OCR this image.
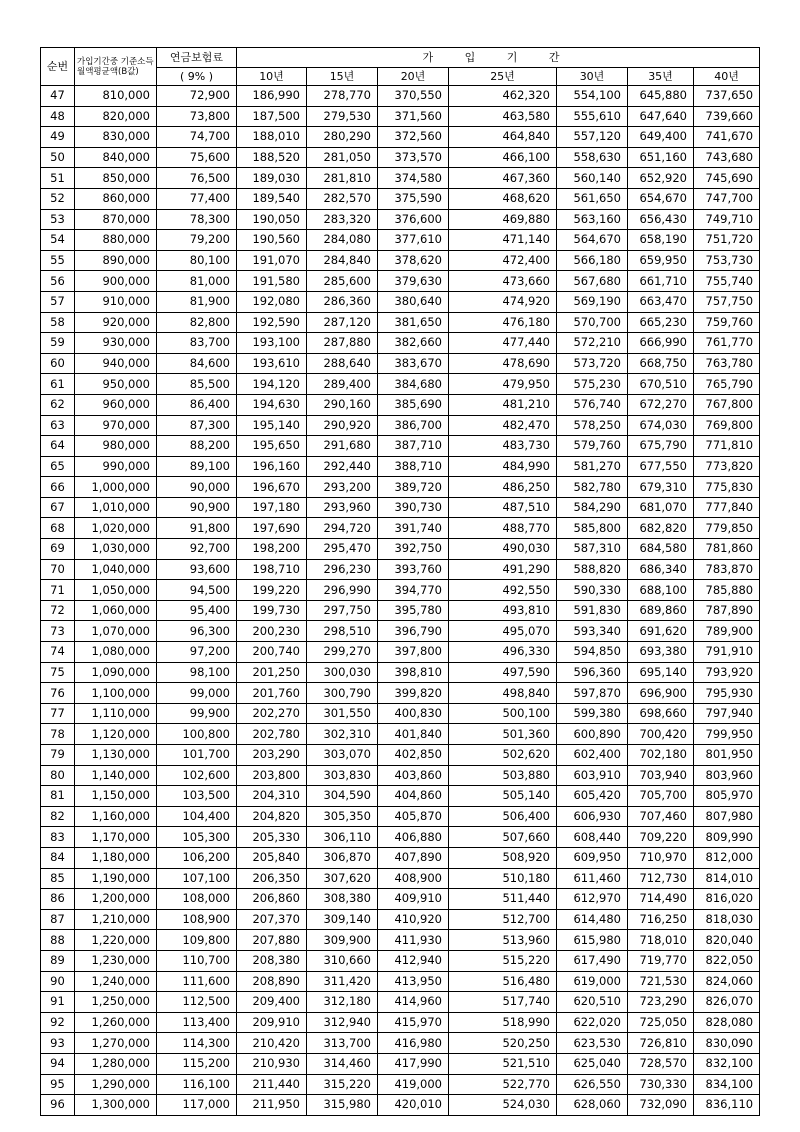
순번	가입기간중 기준소득월액평균액(B값)	연금보험료	가 입 기 간						
		( 9% )	10년	15년	20년	25년	30년	35년	40년
47	810,000	72,900	186,990	278,770	370,550	462,320	554,100	645,880	737,650
48	820,000	73,800	187,500	279,530	371,560	463,580	555,610	647,640	739,660
49	830,000	74,700	188,010	280,290	372,560	464,840	557,120	649,400	741,670
50	840,000	75,600	188,520	281,050	373,570	466,100	558,630	651,160	743,680
51	850,000	76,500	189,030	281,810	374,580	467,360	560,140	652,920	745,690
52	860,000	77,400	189,540	282,570	375,590	468,620	561,650	654,670	747,700
53	870,000	78,300	190,050	283,320	376,600	469,880	563,160	656,430	749,710
54	880,000	79,200	190,560	284,080	377,610	471,140	564,670	658,190	751,720
55	890,000	80,100	191,070	284,840	378,620	472,400	566,180	659,950	753,730
56	900,000	81,000	191,580	285,600	379,630	473,660	567,680	661,710	755,740
57	910,000	81,900	192,080	286,360	380,640	474,920	569,190	663,470	757,750
58	920,000	82,800	192,590	287,120	381,650	476,180	570,700	665,230	759,760
59	930,000	83,700	193,100	287,880	382,660	477,440	572,210	666,990	761,770
60	940,000	84,600	193,610	288,640	383,670	478,690	573,720	668,750	763,780
61	950,000	85,500	194,120	289,400	384,680	479,950	575,230	670,510	765,790
62	960,000	86,400	194,630	290,160	385,690	481,210	576,740	672,270	767,800
63	970,000	87,300	195,140	290,920	386,700	482,470	578,250	674,030	769,800
64	980,000	88,200	195,650	291,680	387,710	483,730	579,760	675,790	771,810
65	990,000	89,100	196,160	292,440	388,710	484,990	581,270	677,550	773,820
66	1,000,000	90,000	196,670	293,200	389,720	486,250	582,780	679,310	775,830
67	1,010,000	90,900	197,180	293,960	390,730	487,510	584,290	681,070	777,840
68	1,020,000	91,800	197,690	294,720	391,740	488,770	585,800	682,820	779,850
69	1,030,000	92,700	198,200	295,470	392,750	490,030	587,310	684,580	781,860
70	1,040,000	93,600	198,710	296,230	393,760	491,290	588,820	686,340	783,870
71	1,050,000	94,500	199,220	296,990	394,770	492,550	590,330	688,100	785,880
72	1,060,000	95,400	199,730	297,750	395,780	493,810	591,830	689,860	787,890
73	1,070,000	96,300	200,230	298,510	396,790	495,070	593,340	691,620	789,900
74	1,080,000	97,200	200,740	299,270	397,800	496,330	594,850	693,380	791,910
75	1,090,000	98,100	201,250	300,030	398,810	497,590	596,360	695,140	793,920
76	1,100,000	99,000	201,760	300,790	399,820	498,840	597,870	696,900	795,930
77	1,110,000	99,900	202,270	301,550	400,830	500,100	599,380	698,660	797,940
78	1,120,000	100,800	202,780	302,310	401,840	501,360	600,890	700,420	799,950
79	1,130,000	101,700	203,290	303,070	402,850	502,620	602,400	702,180	801,950
80	1,140,000	102,600	203,800	303,830	403,860	503,880	603,910	703,940	803,960
81	1,150,000	103,500	204,310	304,590	404,860	505,140	605,420	705,700	805,970
82	1,160,000	104,400	204,820	305,350	405,870	506,400	606,930	707,460	807,980
83	1,170,000	105,300	205,330	306,110	406,880	507,660	608,440	709,220	809,990
84	1,180,000	106,200	205,840	306,870	407,890	508,920	609,950	710,970	812,000
85	1,190,000	107,100	206,350	307,620	408,900	510,180	611,460	712,730	814,010
86	1,200,000	108,000	206,860	308,380	409,910	511,440	612,970	714,490	816,020
87	1,210,000	108,900	207,370	309,140	410,920	512,700	614,480	716,250	818,030
88	1,220,000	109,800	207,880	309,900	411,930	513,960	615,980	718,010	820,040
89	1,230,000	110,700	208,380	310,660	412,940	515,220	617,490	719,770	822,050
90	1,240,000	111,600	208,890	311,420	413,950	516,480	619,000	721,530	824,060
91	1,250,000	112,500	209,400	312,180	414,960	517,740	620,510	723,290	826,070
92	1,260,000	113,400	209,910	312,940	415,970	518,990	622,020	725,050	828,080
93	1,270,000	114,300	210,420	313,700	416,980	520,250	623,530	726,810	830,090
94	1,280,000	115,200	210,930	314,460	417,990	521,510	625,040	728,570	832,100
95	1,290,000	116,100	211,440	315,220	419,000	522,770	626,550	730,330	834,100
96	1,300,000	117,000	211,950	315,980	420,010	524,030	628,060	732,090	836,110
